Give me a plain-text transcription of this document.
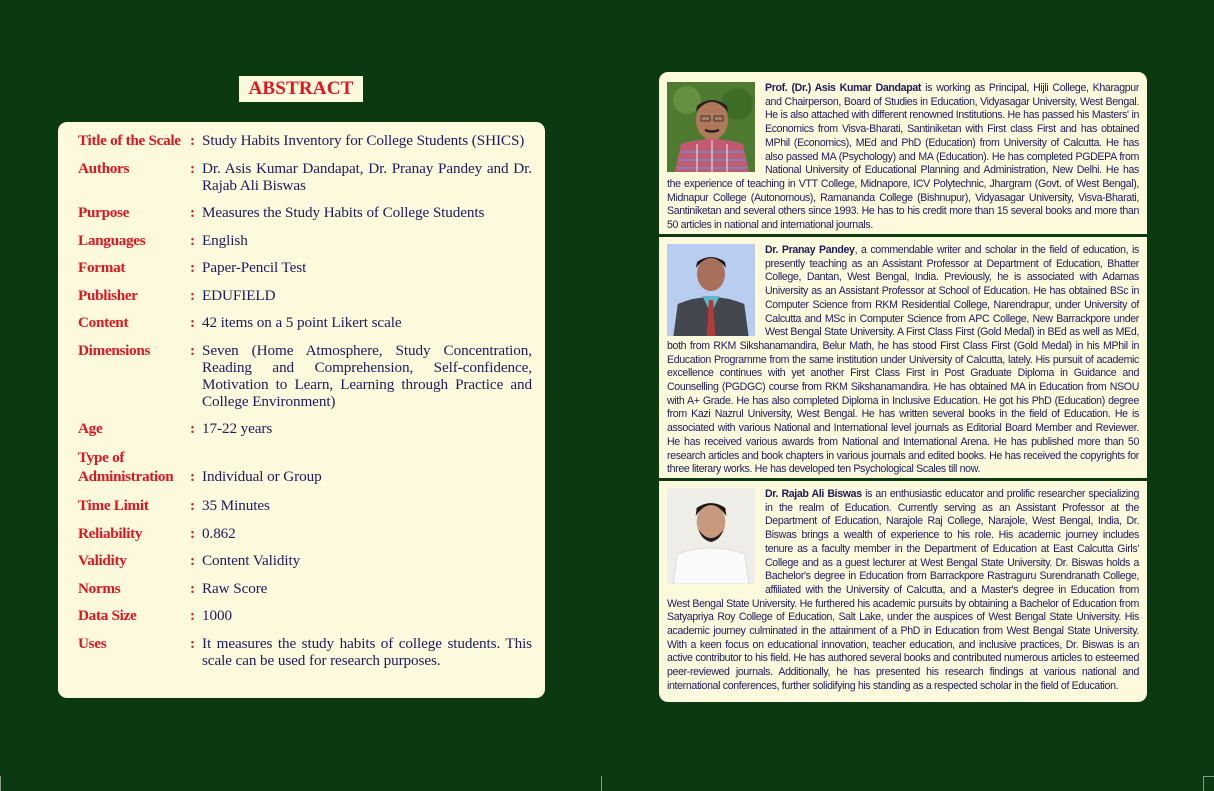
ABSTRACT
Title of the Scale : Study Habits Inventory for College Students (SHICS)
Authors	: Dr. Asis Kumar Dandapat, Dr. Pranay Pandey and Dr. Rajab Ali Biswas
Purpose	: Measures the Study Habits of College Students
Languages	: English
Format	: Paper-Pencil Test
Publisher	: EDUFIELD
Content	: 42 items on a 5 point Likert scale
Dimensions	: Seven (Home Atmosphere, Study Concentration, Reading and Comprehension, Self-confidence, Motivation to Learn, Learning through Practice and College Environment)
Age	: 17-22 years
Type of
Administration	: Individual or Group
Time Limit	: 35 Minutes
Reliability	: 0.862
Validity	: Content Validity
Norms	: Raw Score
Data Size	: 1000
Uses	: It measures the study habits of college students. This scale can be used for research purposes.
Prof. (Dr.) Asis Kumar Dandapat is working as Principal, Hijli College, Kharagpur and Chairperson, Board of Studies in Education, Vidyasagar University, West Bengal. He is also attached with different renowned Institutions. He has passed his Masters' in Economics from Visva-Bharati, Santiniketan with First class First and has obtained MPhil (Economics), MEd and PhD (Education) from University of Calcutta. He has also passed MA (Psychology) and MA (Education). He has completed PGDEPA from National University of Educational Planning and Administration, New Delhi. He has the experience of teaching in VTT College, Midnapore, ICV Polytechnic, Jhargram (Govt. of West Bengal), Midnapur College (Autonomous), Ramananda College (Bishnupur), Vidyasagar University, Visva-Bharati, Santiniketan and several others since 1993. He has to his credit more than 15 several books and more than 50 articles in national and international journals.
Dr. Pranay Pandey, a commendable writer and scholar in the field of education, is presently teaching as an Assistant Professor at Department of Education, Bhatter College, Dantan, West Bengal, India. Previously, he is associated with Adamas University as an Assistant Professor at School of Education. He has obtained BSc in Computer Science from RKM Residential College, Narendrapur, under University of Calcutta and MSc in Computer Science from APC College, New Barrackpore under West Bengal State University. A First Class First (Gold Medal) in BEd as well as MEd, both from RKM Sikshanamandira, Belur Math, he has stood First Class First (Gold Medal) in his MPhil in Education Programme from the same institution under University of Calcutta, lately. His pursuit of academic excellence continues with yet another First Class First in Post Graduate Diploma in Guidance and Counselling (PGDGC) course from RKM Sikshanamandira. He has obtained MA in Education from NSOU with A+ Grade. He has also completed Diploma in Inclusive Education. He got his PhD (Education) degree from Kazi Nazrul University, West Bengal. He has written several books in the field of Education. He is associated with various National and International level journals as Editorial Board Member and Reviewer. He has received various awards from National and International Arena. He has published more than 50 research articles and book chapters in various journals and edited books. He has received the copyrights for three literary works. He has developed ten Psychological Scales till now.
Dr. Rajab Ali Biswas is an enthusiastic educator and prolific researcher specializing in the realm of Education. Currently serving as an Assistant Professor at the Department of Education, Narajole Raj College, Narajole, West Bengal, India, Dr. Biswas brings a wealth of experience to his role. His academic journey includes tenure as a faculty member in the Department of Education at East Calcutta Girls' College and as a guest lecturer at West Bengal State University. Dr. Biswas holds a Bachelor's degree in Education from Barrackpore Rastraguru Surendranath College, affiliated with the University of Calcutta, and a Master's degree in Education from West Bengal State University. He furthered his academic pursuits by obtaining a Bachelor of Education from Satyapriya Roy College of Education, Salt Lake, under the auspices of West Bengal State University. His academic journey culminated in the attainment of a PhD in Education from West Bengal State University. With a keen focus on educational innovation, teacher education, and inclusive practices, Dr. Biswas is an active contributor to his field. He has authored several books and contributed numerous articles to esteemed peer-reviewed journals. Additionally, he has presented his research findings at various national and international conferences, further solidifying his standing as a respected scholar in the field of Education.
